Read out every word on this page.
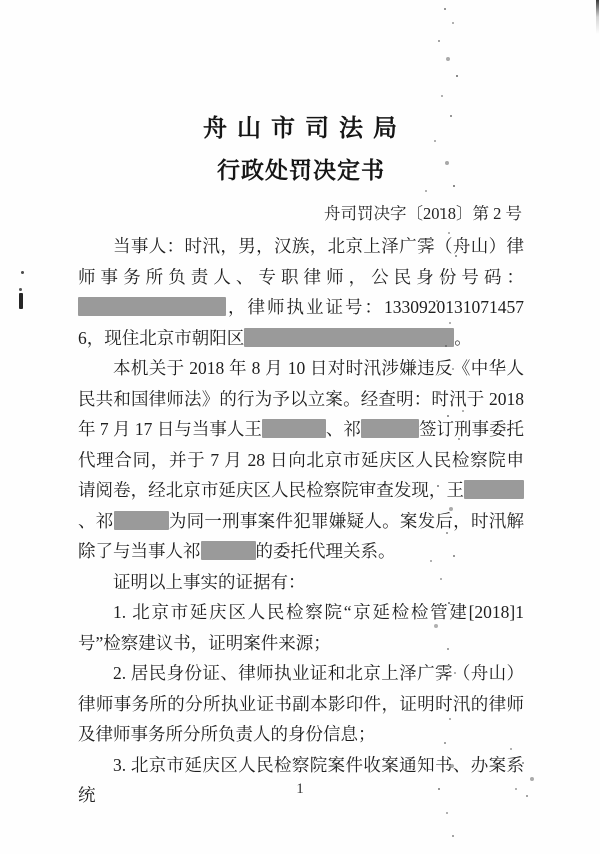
舟 山 市 司 法 局
行政处罚决定书
舟司罚决字〔2018〕第 2 号
当事人：时汛，男，汉族，北京上泽广霁（舟山）律师事务所负责人、专职律师，公民身份号码：，律师执业证号：13309201310714576，现住北京市朝阳区	。
本机关于 2018 年 8 月 10 日对时汛涉嫌违反《中华人民共和国律师法》的行为予以立案。经查明：时汛于 2018 年 7 月 17 日与当事人王	、祁	签订刑事委托代理合同，并于 7 月 28 日向北京市延庆区人民检察院申请阅卷，经北京市延庆区人民检察院审查发现，王、祁	为同一刑事案件犯罪嫌疑人。案发后，时汛解除了与当事人祁	的委托代理关系。
证明以上事实的证据有：
1. 北京市延庆区人民检察院“京延检检管建[2018]1 号”检察建议书，证明案件来源；
2. 居民身份证、律师执业证和北京上泽广霁（舟山）律师事务所的分所执业证书副本影印件，证明时汛的律师及律师事务所分所负责人的身份信息；
3. 北京市延庆区人民检察院案件收案通知书、办案系统	1
